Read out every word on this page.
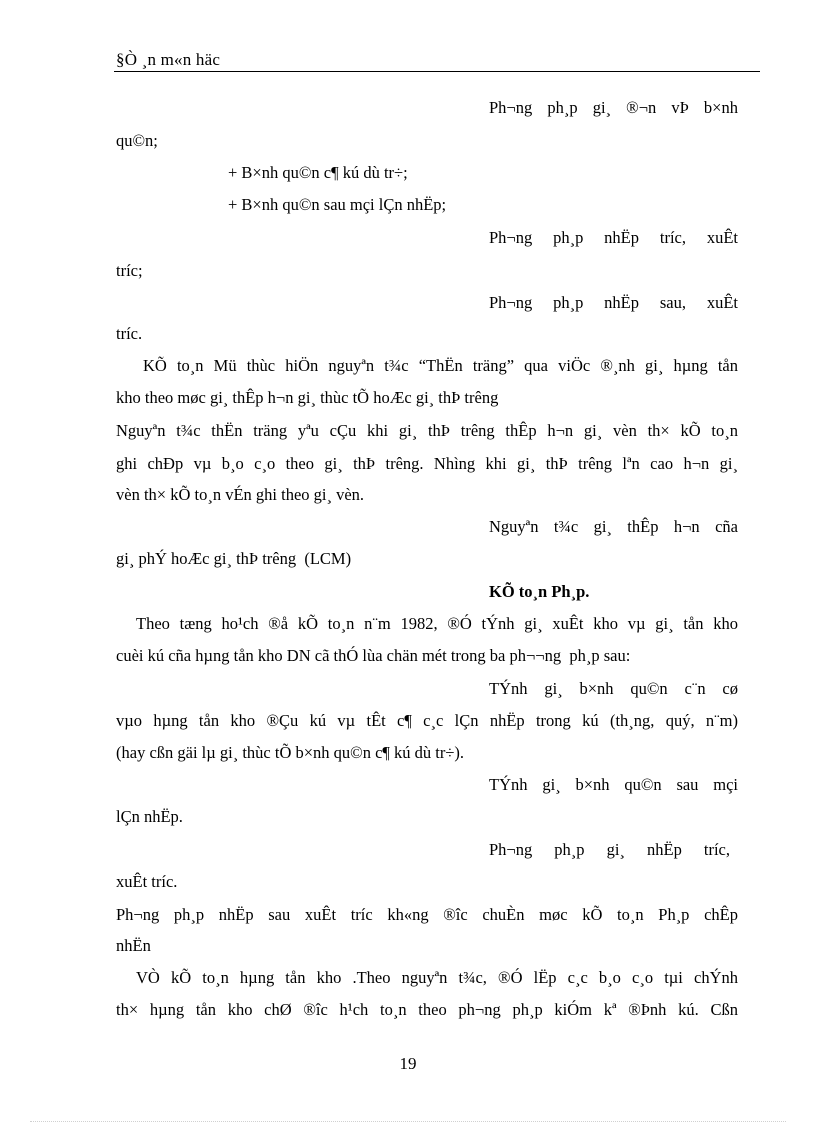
§Ò ¸n m«n häc
Ph¬ng ph¸p gi¸ ®¬n vÞ b×nh
qu©n;
+ B×nh qu©n c¶ kú dù tr÷;
+ B×nh qu©n sau mçi lÇn nhËp;
Ph¬ng ph¸p nhËp tríc, xuÊt
tríc;
Ph¬ng ph¸p nhËp sau, xuÊt
tríc.
KÕ to¸n Mü thùc hiÖn nguyªn t¾c “ThËn träng” qua viÖc ®¸nh gi¸ hµng tån
kho theo møc gi¸ thÊp h¬n gi¸ thùc tÕ hoÆc gi¸ thÞ trêng
Nguyªn t¾c thËn träng yªu cÇu khi gi¸ thÞ trêng thÊp h¬n gi¸ vèn th× kÕ to¸n
ghi chÐp vµ b¸o c¸o theo gi¸ thÞ trêng. Nhìng khi gi¸ thÞ trêng lªn cao h¬n gi¸
vèn th× kÕ to¸n vÉn ghi theo gi¸ vèn.
Nguyªn t¾c gi¸ thÊp h¬n cña
gi¸ phÝ hoÆc gi¸ thÞ trêng  (LCM)
KÕ to¸n Ph¸p.
Theo tæng ho¹ch ®å kÕ to¸n n¨m 1982, ®Ó tÝnh gi¸ xuÊt kho vµ gi¸ tån kho
cuèi kú cña hµng tån kho DN cã thÓ lùa chän mét trong ba ph¬¬ng  ph¸p sau:
TÝnh gi¸ b×nh qu©n c¨n cø
vµo hµng tån kho ®Çu kú vµ tÊt c¶ c¸c lÇn nhËp trong kú (th¸ng, quý, n¨m)
(hay cßn gäi lµ gi¸ thùc tÕ b×nh qu©n c¶ kú dù tr÷).
TÝnh gi¸ b×nh qu©n sau mçi
lÇn nhËp.
Ph¬ng ph¸p gi¸ nhËp tríc,
xuÊt tríc.
Ph¬ng ph¸p nhËp sau xuÊt tríc kh«ng ®îc chuÈn møc kÕ to¸n Ph¸p chÊp
nhËn
VÒ kÕ to¸n hµng tån kho .Theo nguyªn t¾c, ®Ó lËp c¸c b¸o c¸o tµi chÝnh
th× hµng tån kho chØ ®îc h¹ch to¸n theo ph¬ng ph¸p kiÓm kª ®Þnh kú. Cßn
19
